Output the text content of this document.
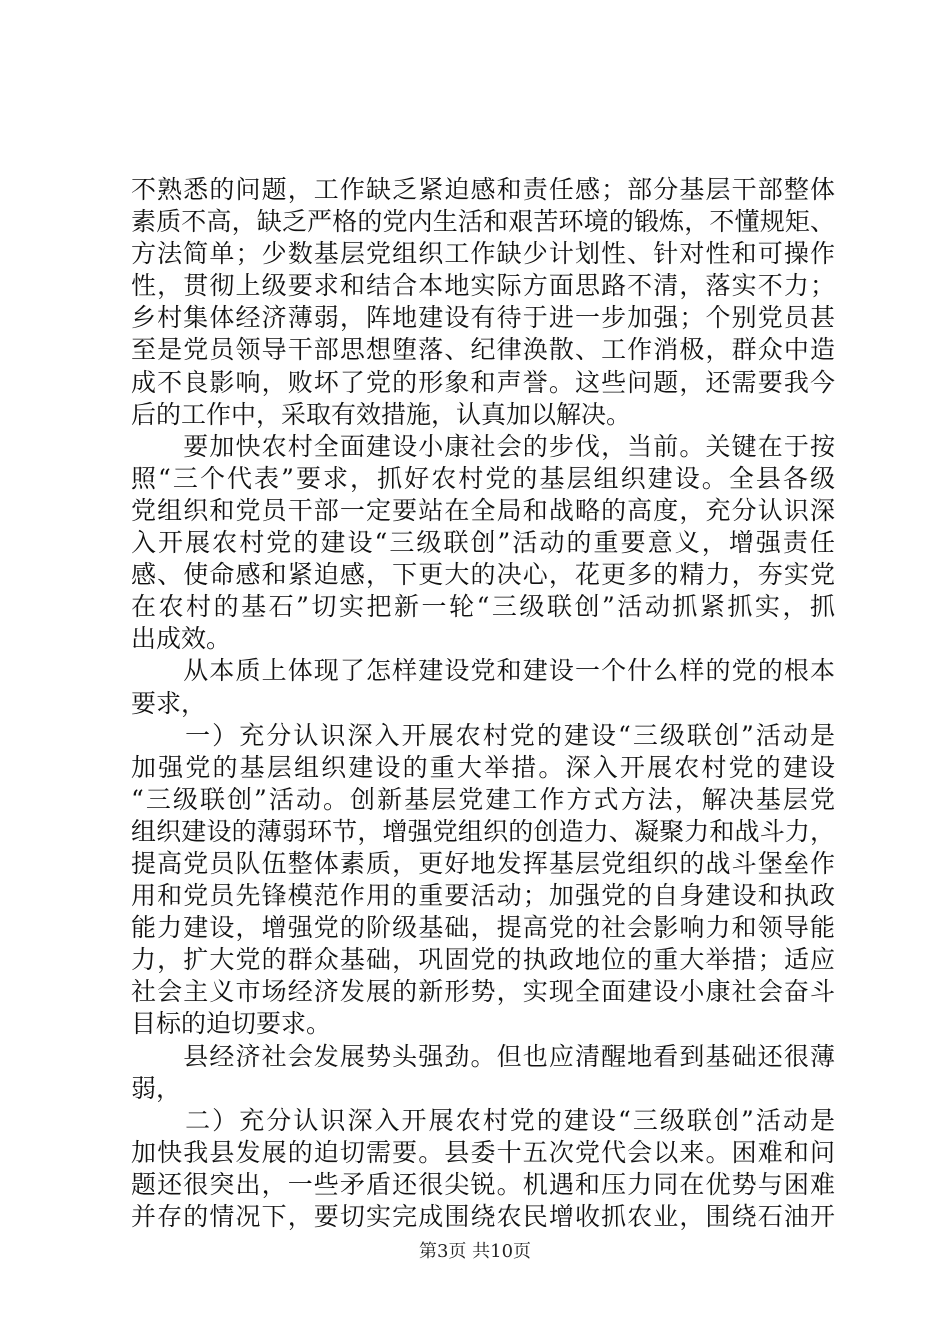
不熟悉的问题，工作缺乏紧迫感和责任感；部分基层干部整体
素质不高，缺乏严格的党内生活和艰苦环境的锻炼，不懂规矩、
方法简单；少数基层党组织工作缺少计划性、针对性和可操作
性，贯彻上级要求和结合本地实际方面思路不清，落实不力；
乡村集体经济薄弱，阵地建设有待于进一步加强；个别党员甚
至是党员领导干部思想堕落、纪律涣散、工作消极，群众中造
成不良影响，败坏了党的形象和声誉。这些问题，还需要我今
后的工作中，采取有效措施，认真加以解决。
　　要加快农村全面建设小康社会的步伐，当前。关键在于按
照“三个代表”要求，抓好农村党的基层组织建设。全县各级
党组织和党员干部一定要站在全局和战略的高度，充分认识深
入开展农村党的建设“三级联创”活动的重要意义，增强责任
感、使命感和紧迫感，下更大的决心，花更多的精力，夯实党
在农村的基石”切实把新一轮“三级联创”活动抓紧抓实，抓
出成效。
　　从本质上体现了怎样建设党和建设一个什么样的党的根本
要求，
　　一）充分认识深入开展农村党的建设“三级联创”活动是
加强党的基层组织建设的重大举措。深入开展农村党的建设
“三级联创”活动。创新基层党建工作方式方法，解决基层党
组织建设的薄弱环节，增强党组织的创造力、凝聚力和战斗力，
提高党员队伍整体素质，更好地发挥基层党组织的战斗堡垒作
用和党员先锋模范作用的重要活动；加强党的自身建设和执政
能力建设，增强党的阶级基础，提高党的社会影响力和领导能
力，扩大党的群众基础，巩固党的执政地位的重大举措；适应
社会主义市场经济发展的新形势，实现全面建设小康社会奋斗
目标的迫切要求。
　　县经济社会发展势头强劲。但也应清醒地看到基础还很薄
弱，
　　二）充分认识深入开展农村党的建设“三级联创”活动是
加快我县发展的迫切需要。县委十五次党代会以来。困难和问
题还很突出，一些矛盾还很尖锐。机遇和压力同在优势与困难
并存的情况下，要切实完成围绕农民增收抓农业，围绕石油开
第3页 共10页
